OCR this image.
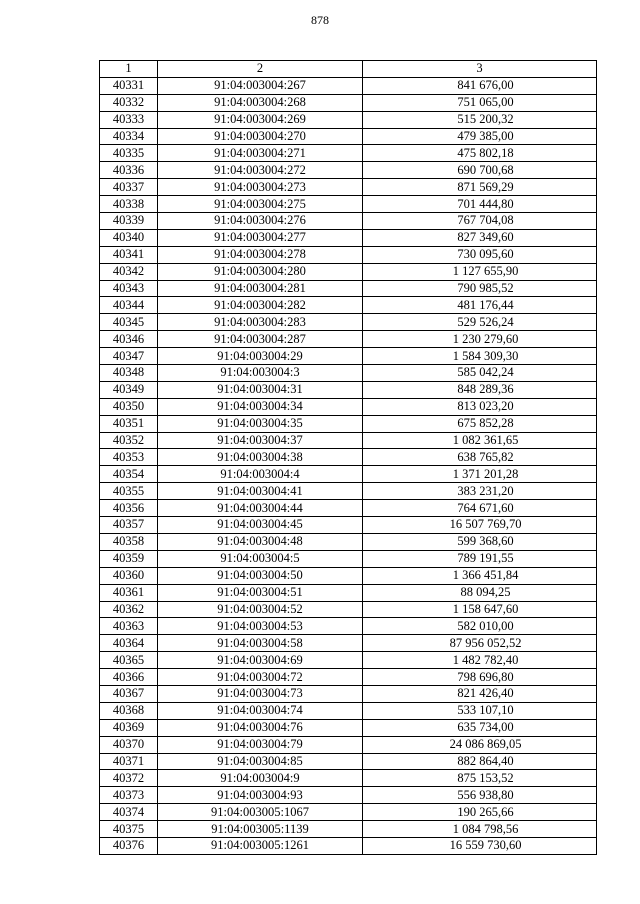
878
1	2	3
40331	91:04:003004:267	841 676,00
40332	91:04:003004:268	751 065,00
40333	91:04:003004:269	515 200,32
40334	91:04:003004:270	479 385,00
40335	91:04:003004:271	475 802,18
40336	91:04:003004:272	690 700,68
40337	91:04:003004:273	871 569,29
40338	91:04:003004:275	701 444,80
40339	91:04:003004:276	767 704,08
40340	91:04:003004:277	827 349,60
40341	91:04:003004:278	730 095,60
40342	91:04:003004:280	1 127 655,90
40343	91:04:003004:281	790 985,52
40344	91:04:003004:282	481 176,44
40345	91:04:003004:283	529 526,24
40346	91:04:003004:287	1 230 279,60
40347	91:04:003004:29	1 584 309,30
40348	91:04:003004:3	585 042,24
40349	91:04:003004:31	848 289,36
40350	91:04:003004:34	813 023,20
40351	91:04:003004:35	675 852,28
40352	91:04:003004:37	1 082 361,65
40353	91:04:003004:38	638 765,82
40354	91:04:003004:4	1 371 201,28
40355	91:04:003004:41	383 231,20
40356	91:04:003004:44	764 671,60
40357	91:04:003004:45	16 507 769,70
40358	91:04:003004:48	599 368,60
40359	91:04:003004:5	789 191,55
40360	91:04:003004:50	1 366 451,84
40361	91:04:003004:51	88 094,25
40362	91:04:003004:52	1 158 647,60
40363	91:04:003004:53	582 010,00
40364	91:04:003004:58	87 956 052,52
40365	91:04:003004:69	1 482 782,40
40366	91:04:003004:72	798 696,80
40367	91:04:003004:73	821 426,40
40368	91:04:003004:74	533 107,10
40369	91:04:003004:76	635 734,00
40370	91:04:003004:79	24 086 869,05
40371	91:04:003004:85	882 864,40
40372	91:04:003004:9	875 153,52
40373	91:04:003004:93	556 938,80
40374	91:04:003005:1067	190 265,66
40375	91:04:003005:1139	1 084 798,56
40376	91:04:003005:1261	16 559 730,60
